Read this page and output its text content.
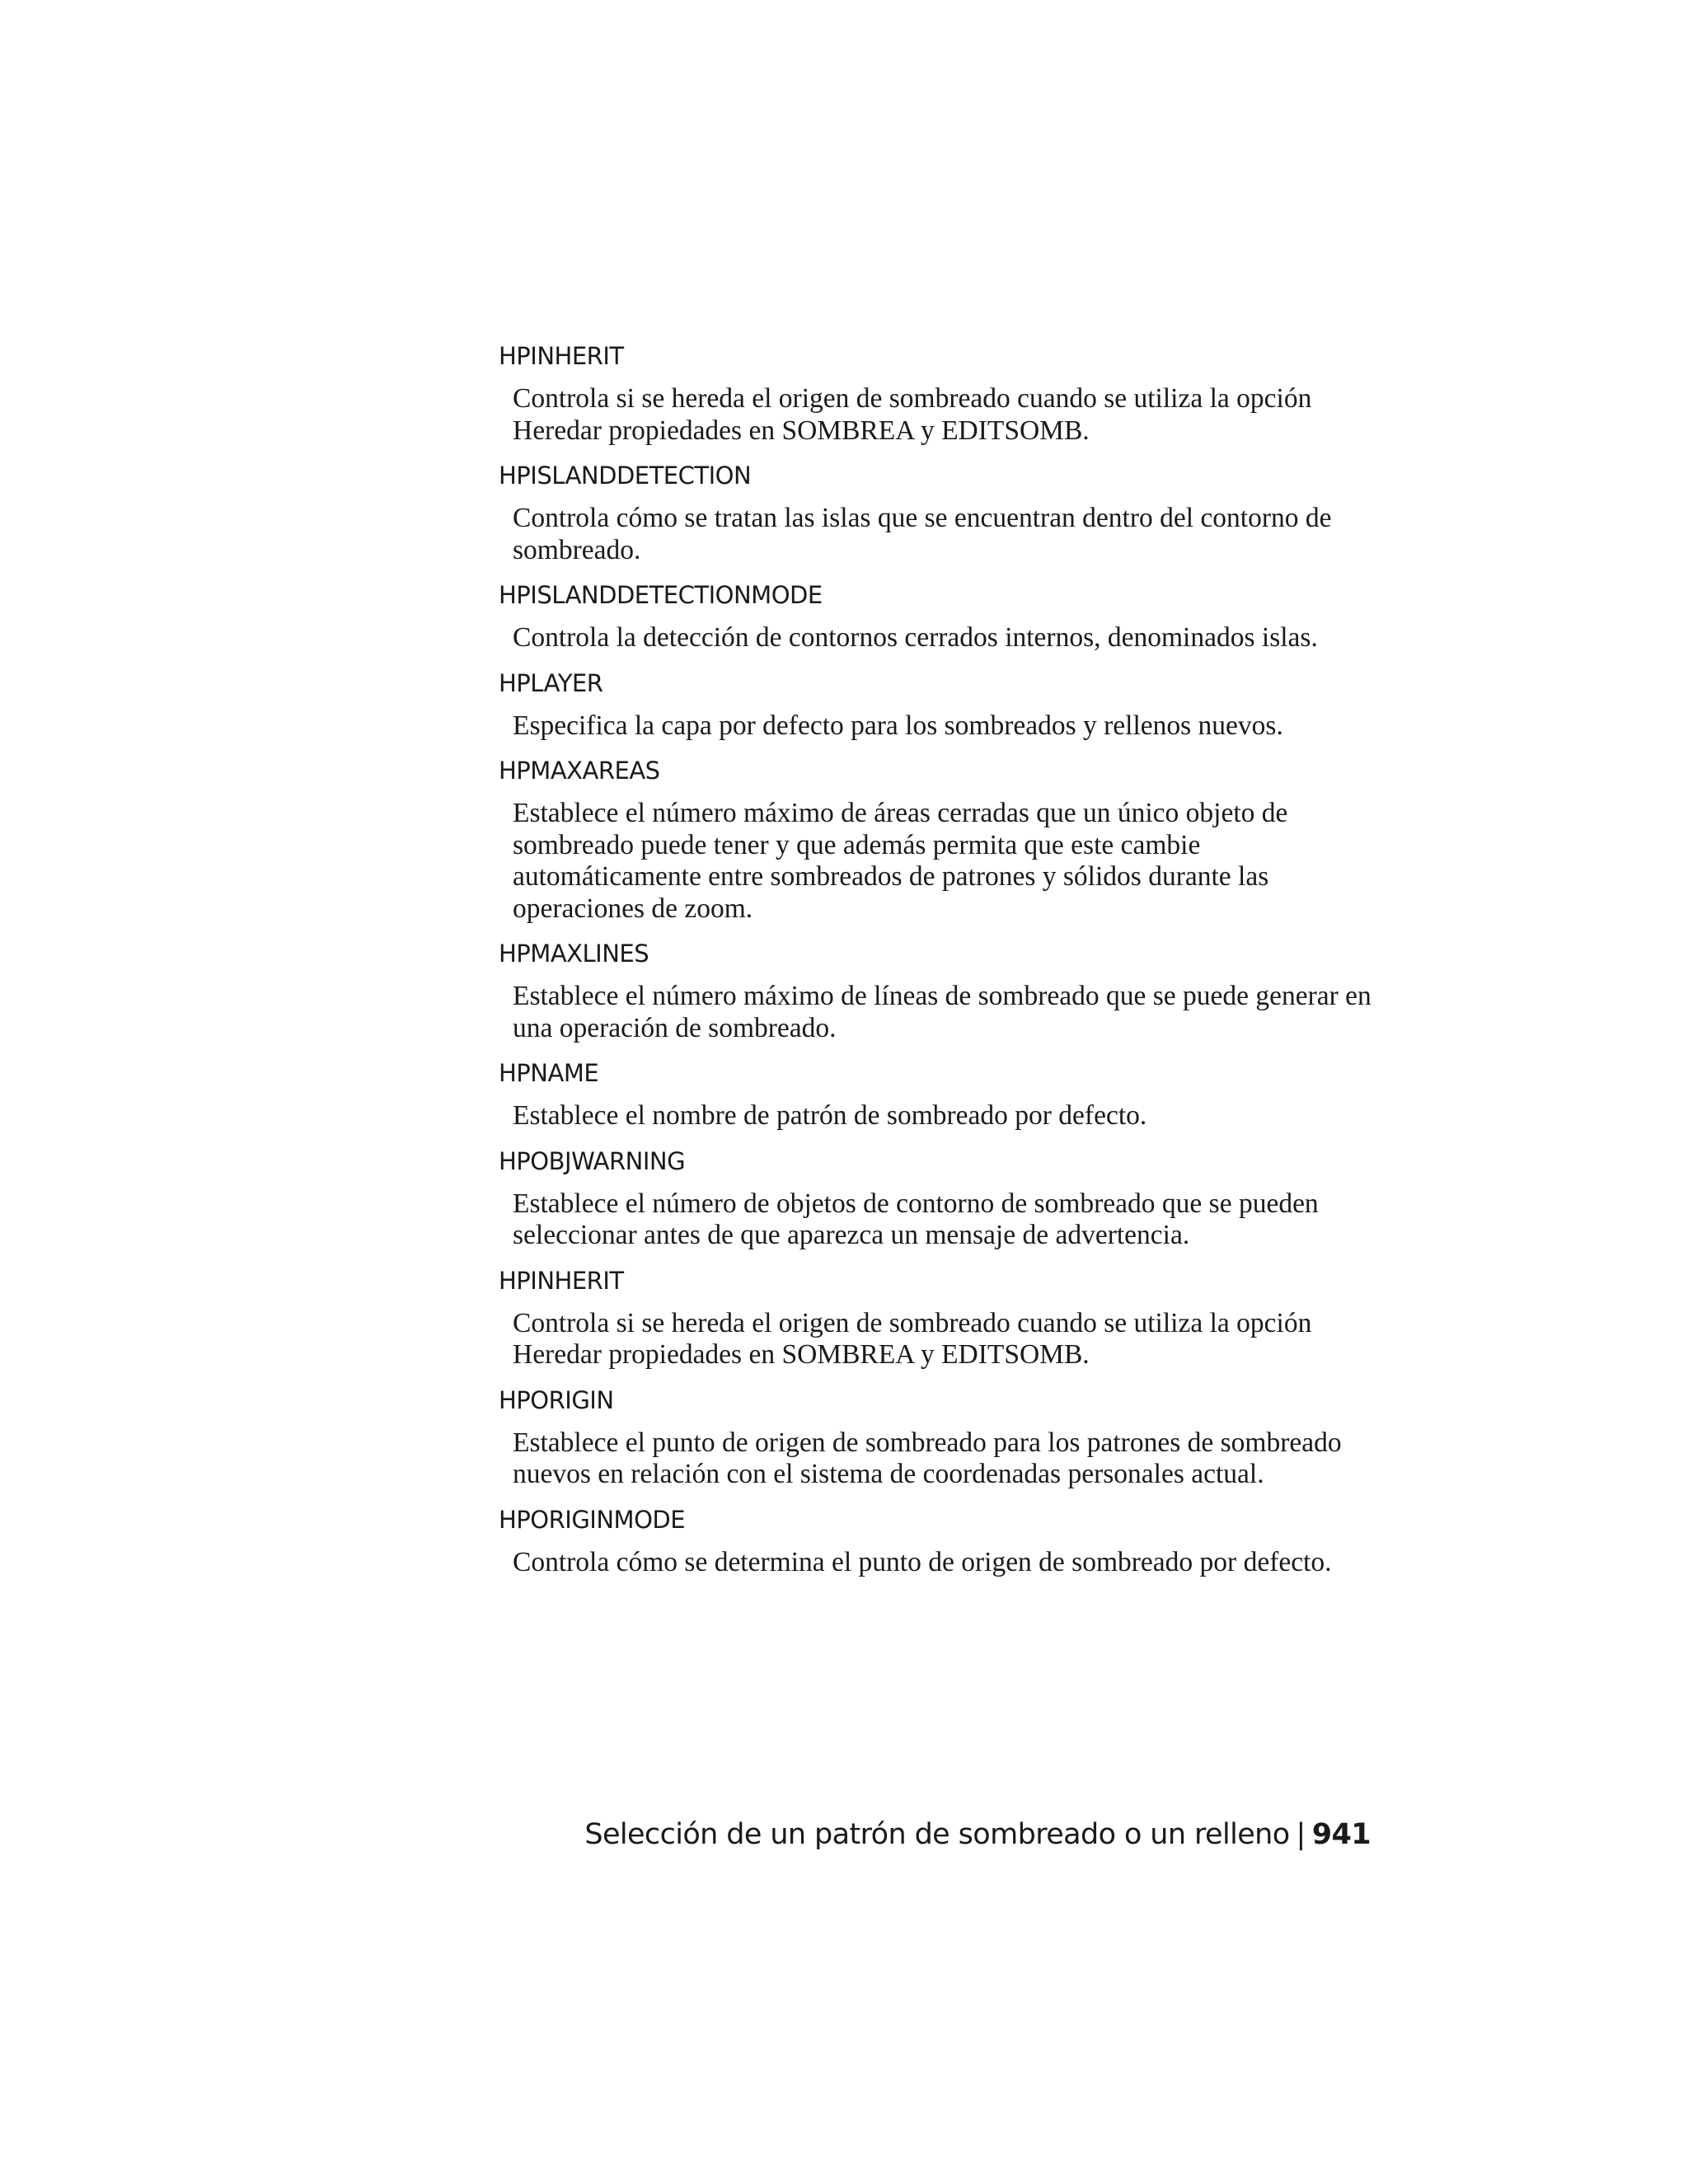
HPINHERIT

Controla si se hereda el origen de sombreado cuando se utiliza la opción Heredar propiedades en SOMBREA y EDITSOMB.

HPISLANDDETECTION

Controla cómo se tratan las islas que se encuentran dentro del contorno de sombreado.

HPISLANDDETECTIONMODE

Controla la detección de contornos cerrados internos, denominados islas.

HPLAYER

Especifica la capa por defecto para los sombreados y rellenos nuevos.

HPMAXAREAS

Establece el número máximo de áreas cerradas que un único objeto de sombreado puede tener y que además permita que este cambie automáticamente entre sombreados de patrones y sólidos durante las operaciones de zoom.

HPMAXLINES

Establece el número máximo de líneas de sombreado que se puede generar en una operación de sombreado.

HPNAME

Establece el nombre de patrón de sombreado por defecto.

HPOBJWARNING

Establece el número de objetos de contorno de sombreado que se pueden seleccionar antes de que aparezca un mensaje de advertencia.

HPINHERIT

Controla si se hereda el origen de sombreado cuando se utiliza la opción Heredar propiedades en SOMBREA y EDITSOMB.

HPORIGIN

Establece el punto de origen de sombreado para los patrones de sombreado nuevos en relación con el sistema de coordenadas personales actual.

HPORIGINMODE

Controla cómo se determina el punto de origen de sombreado por defecto.

Selección de un patrón de sombreado o un relleno | 941
